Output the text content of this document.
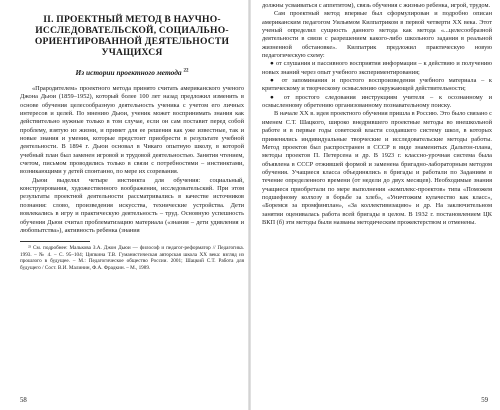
II. ПРОЕКТНЫЙ МЕТОД В НАУЧНО-ИССЛЕДОВАТЕЛЬСКОЙ, СОЦИАЛЬНО-ОРИЕНТИРОВАННОЙ ДЕЯТЕЛЬНОСТИ УЧАЩИХСЯ
Из истории проектного метода $^{22}$

«Прародителем» проектного метода принято считать американского ученого Джона Дьюи (1859–1952), который более 100 лет назад предложил изменить в основе обучения целесообразную деятельность ученика с учетом его личных интересов и целей. По мнению Дьюи, ученик может воспринимать знания как действительно нужные только в том случае, если он сам поставит перед собой проблему, взятую из жизни, и примет для ее решения как уже известные, так и новые знания и умения, которые предстоит приобрести в результате учебной деятельности. В 1894 г. Дьюи основал в Чикаго опытную школу, в которой учебный план был заменен игровой и трудовой деятельностью. Занятия чтением, счетом, письмом проводились только в связи с потребностями – инстинктами, возникающими у детей спонтанно, по мере их созревания.

Дьюи выделял четыре инстинкта для обучения: социальный, конструирования, художественного воображения, исследовательский. При этом результаты проектной деятельности рассматривались в качестве источников познания: слово, произведения искусства, технические устройства. Дети вовлекались в игру и практическую деятельность – труд. Основную успешность обучения Дьюи считал проблематизацию материала («знания – дети удивления и любопытства»), активность ребенка (знания

²² См. подробнее: Малькова З.А. Джон Дьюи — философ и педагог-реформатор // Педагогика. 1993. – № 4. – С. 95–104; Ципкина Т.В. Гуманистическая авторская школа XX века: взгляд из прошлого в будущее. – М.: Педагогическое общество России. 2001; Шацкий С.Т. Работа для будущего / Сост. В.И. Малинин, Ф.А. Фрадкин. – М., 1989.

58

должны усваиваться с аппетитом), связь обучения с жизнью ребенка, игрой, трудом.

Сам проектный метод впервые был сформулирован и подробно описан американским педагогом Уильямом Килпатриком в первой четверти XX века. Этот ученый определил сущность данного метода как метода «...целесообразной деятельности в связи с разрешением какого-либо школьного задания в реальной жизненной обстановке». Килпатрик предложил практическую новую педагогическую схему:

● от слушания и пассивного восприятия информации – к действию и получению новых знаний через опыт учебного экспериментирования;

● от запоминания и простого воспроизведения учебного материала – к критическому и творческому осмыслению окружающей действительности;

● от простого следования инструкциям учителя – к осознанному и осмысленному обретению организованному познавательному поиску.

В начале XX в. идея проектного обучения пришла в Россию. Это было связано с именем С.Т. Шацкого, широко внедрившего проектные методы во внешкольной работе и в первые годы советской власти создавшего систему школ, в которых применялись индивидуальные творческие и исследовательские методы работы. Метод проектов был распространен в СССР в виде знаменитых Дальтон-плана, методы проектов П. Петерсена и др. В 1923 г. классно-урочная система была объявлена в СССР отжившей формой и заменена бригадно-лабораторным методом обучения. Учащиеся класса объединялись в бригады и работали по Заданиям в течение определенного времени (от недели до двух месяцев). Необходимые знания учащиеся приобретали по мере выполнения «комплекс-проектов» типа «Поможем подшефному колхозу в борьбе за хлеб», «Уничтожим кулачество как класс», «Боремся за промфинплан», «За коллективизацию» и др. На заключительном занятии оценивалась работа всей бригады в целом. В 1932 г. постановлением ЦК ВКП (б) эти методы были названы методическим прожектерством и отменены.

59
